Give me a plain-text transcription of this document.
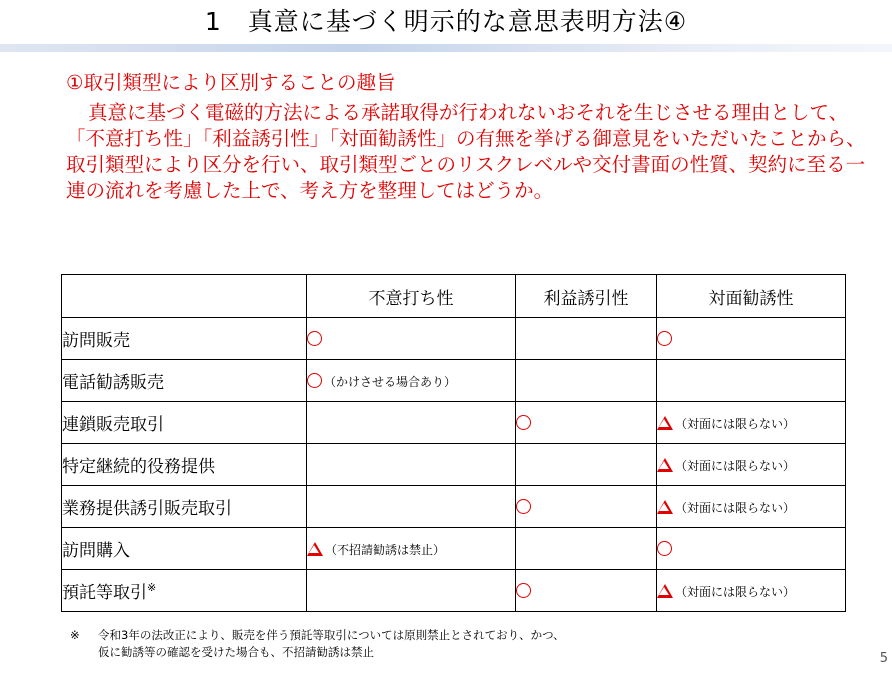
1　真意に基づく明示的な意思表明方法④
①取引類型により区別することの趣旨
真意に基づく電磁的方法による承諾取得が行われないおそれを生じさせる理由として、「不意打ち性」「利益誘引性」「対面勧誘性」の有無を挙げる御意見をいただいたことから、取引類型により区分を行い、取引類型ごとのリスクレベルや交付書面の性質、契約に至る一連の流れを考慮した上で、考え方を整理してはどうか。
	不意打ち性	利益誘引性	対面勧誘性
訪問販売			
電話勧誘販売	（かけさせる場合あり）		
連鎖販売取引			（対面には限らない）
特定継続的役務提供			（対面には限らない）
業務提供誘引販売取引			（対面には限らない）
訪問購入	（不招請勧誘は禁止）		
預託等取引※			（対面には限らない）
※ 令和3年の法改正により、販売を伴う預託等取引については原則禁止とされており、かつ、
仮に勧誘等の確認を受けた場合も、不招請勧誘は禁止	5
